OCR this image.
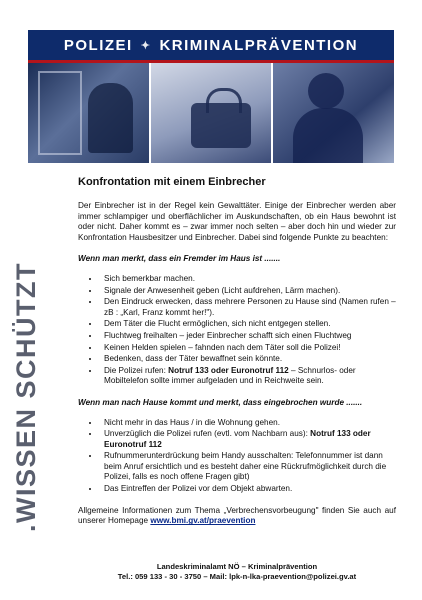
POLIZEI ✦ KRIMINALPRÄVENTION
.WISSEN SCHÜTZT
Konfrontation mit einem Einbrecher
Der Einbrecher ist in der Regel kein Gewalttäter. Einige der Einbrecher werden aber immer schlampiger und oberflächlicher im Auskundschaften, ob ein Haus bewohnt ist oder nicht. Daher kommt es – zwar immer noch selten – aber doch hin und wieder zur Konfrontation Hausbesitzer und Einbrecher. Dabei sind folgende Punkte zu beachten:
Wenn man merkt, dass ein Fremder im Haus ist .......
• Sich bemerkbar machen.
• Signale der Anwesenheit geben (Licht aufdrehen, Lärm machen).
• Den Eindruck erwecken, dass mehrere Personen zu Hause sind (Namen rufen – zB : „Karl, Franz kommt her!").
• Dem Täter die Flucht ermöglichen, sich nicht entgegen stellen.
• Fluchtweg freihalten – jeder Einbrecher schafft sich einen Fluchtweg
• Keinen Helden spielen – fahnden nach dem Täter soll die Polizei!
• Bedenken, dass der Täter bewaffnet sein könnte.
• Die Polizei rufen: Notruf 133 oder Euronotruf 112 – Schnurlos- oder Mobiltelefon sollte immer aufgeladen und in Reichweite sein.
Wenn man nach Hause kommt und merkt, dass eingebrochen wurde .......
• Nicht mehr in das Haus / in die Wohnung gehen.
• Unverzüglich die Polizei rufen (evtl. vom Nachbarn aus): Notruf 133 oder Euronotruf 112
• Rufnummerunterdrückung beim Handy ausschalten: Telefonnummer ist dann beim Anruf ersichtlich und es besteht daher eine Rückrufmöglichkeit durch die Polizei, falls es noch offene Fragen gibt)
• Das Eintreffen der Polizei vor dem Objekt abwarten.
Allgemeine Informationen zum Thema „Verbrechensvorbeugung" finden Sie auch auf unserer Homepage www.bmi.gv.at/praevention
Landeskriminalamt NÖ – Kriminalprävention
Tel.: 059 133 - 30 - 3750 – Mail: lpk-n-lka-praevention@polizei.gv.at
